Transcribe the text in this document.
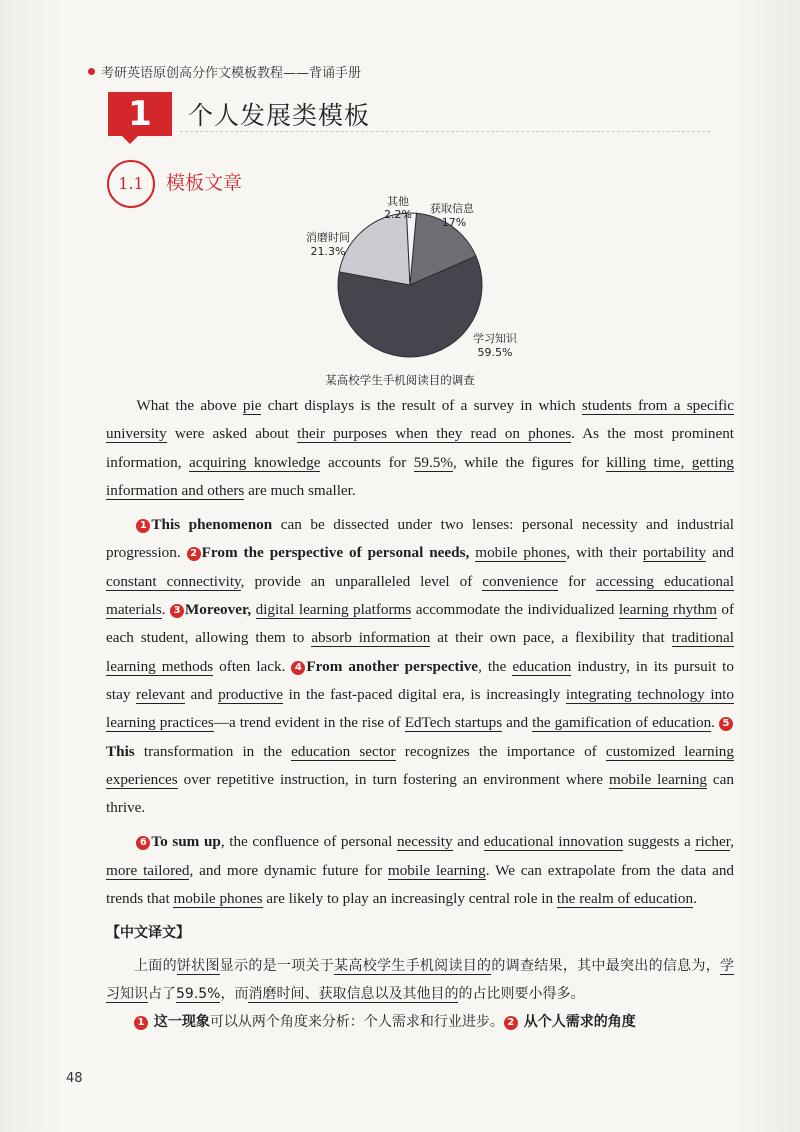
考研英语原创高分作文模板教程——背诵手册
1	个人发展类模板
1.1	模板文章
获取信息
17%
学习知识
59.5%
消磨时间
21.3%
其他
2.2%
某高校学生手机阅读目的调查

What the above pie chart displays is the result of a survey in which students from a specific university were asked about their purposes when they read on phones. As the most prominent information, acquiring knowledge accounts for 59.5%, while the figures for killing time, getting information and others are much smaller.

1 This phenomenon can be dissected under two lenses: personal necessity and industrial progression. 2 From the perspective of personal needs, mobile phones, with their portability and constant connectivity, provide an unparalleled level of convenience for accessing educational materials. 3 Moreover, digital learning platforms accommodate the individualized learning rhythm of each student, allowing them to absorb information at their own pace, a flexibility that traditional learning methods often lack. 4 From another perspective, the education industry, in its pursuit to stay relevant and productive in the fast-paced digital era, is increasingly integrating technology into learning practices—a trend evident in the rise of EdTech startups and the gamification of education. 5This transformation in the education sector recognizes the importance of customized learning experiences over repetitive instruction, in turn fostering an environment where mobile learning can thrive.

6 To sum up, the confluence of personal necessity and educational innovation suggests a richer, more tailored, and more dynamic future for mobile learning. We can extrapolate from the data and trends that mobile phones are likely to play an increasingly central role in the realm of education.

【中文译文】

上面的饼状图显示的是一项关于某高校学生手机阅读目的的调查结果，其中最突出的信息为，学习知识占了59.5%，而消磨时间、获取信息以及其他目的的占比则要小得多。

1 这一现象可以从两个角度来分析：个人需求和行业进步。 2 从个人需求的角度

48
